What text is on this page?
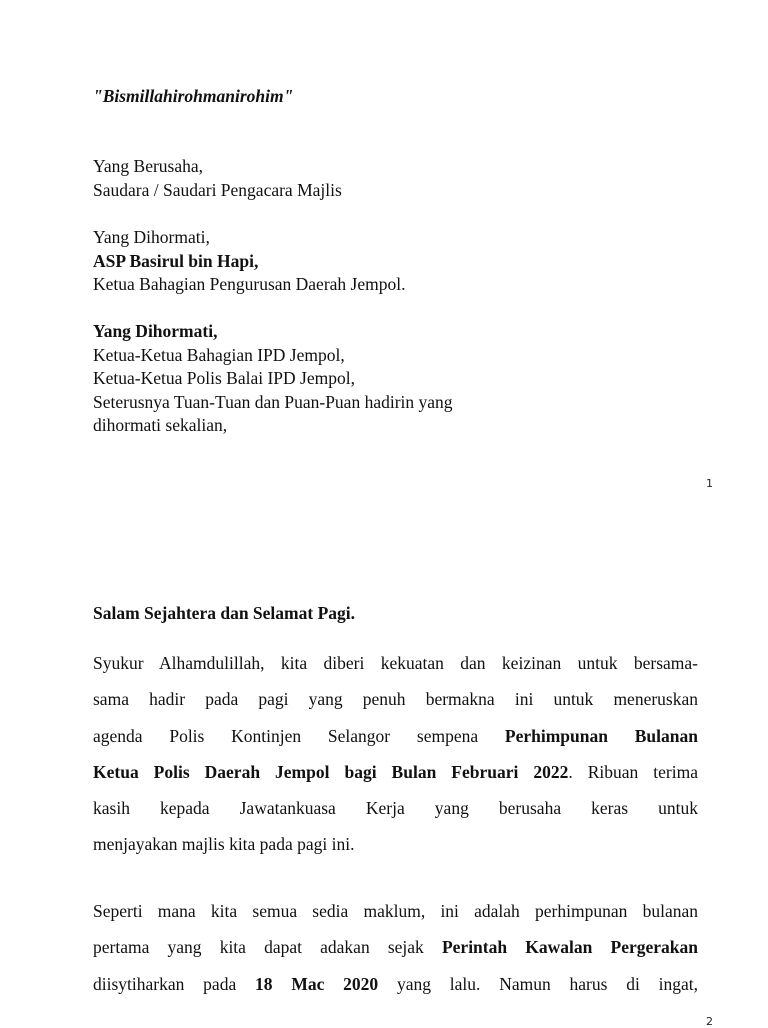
"Bismillahirohmanirohim"

Yang Berusaha,
Saudara / Saudari Pengacara Majlis
Yang Dihormati,
ASP Basirul bin Hapi,
Ketua Bahagian Pengurusan Daerah Jempol.
Yang Dihormati,
Ketua-Ketua Bahagian IPD Jempol,
Ketua-Ketua Polis Balai IPD Jempol,
Seterusnya Tuan-Tuan dan Puan-Puan hadirin yang
dihormati sekalian,

1

Salam Sejahtera dan Selamat Pagi.

Syukur Alhamdulillah, kita diberi kekuatan dan keizinan untuk bersama-
sama hadir pada pagi yang penuh bermakna ini untuk meneruskan
agenda Polis Kontinjen Selangor sempena Perhimpunan Bulanan
Ketua Polis Daerah Jempol bagi Bulan Februari 2022. Ribuan terima
kasih kepada Jawatankuasa Kerja yang berusaha keras untuk
menjayakan majlis kita pada pagi ini.
Seperti mana kita semua sedia maklum, ini adalah perhimpunan bulanan
pertama yang kita dapat adakan sejak Perintah Kawalan Pergerakan
diisytiharkan pada 18 Mac 2020 yang lalu. Namun harus di ingat,

2
